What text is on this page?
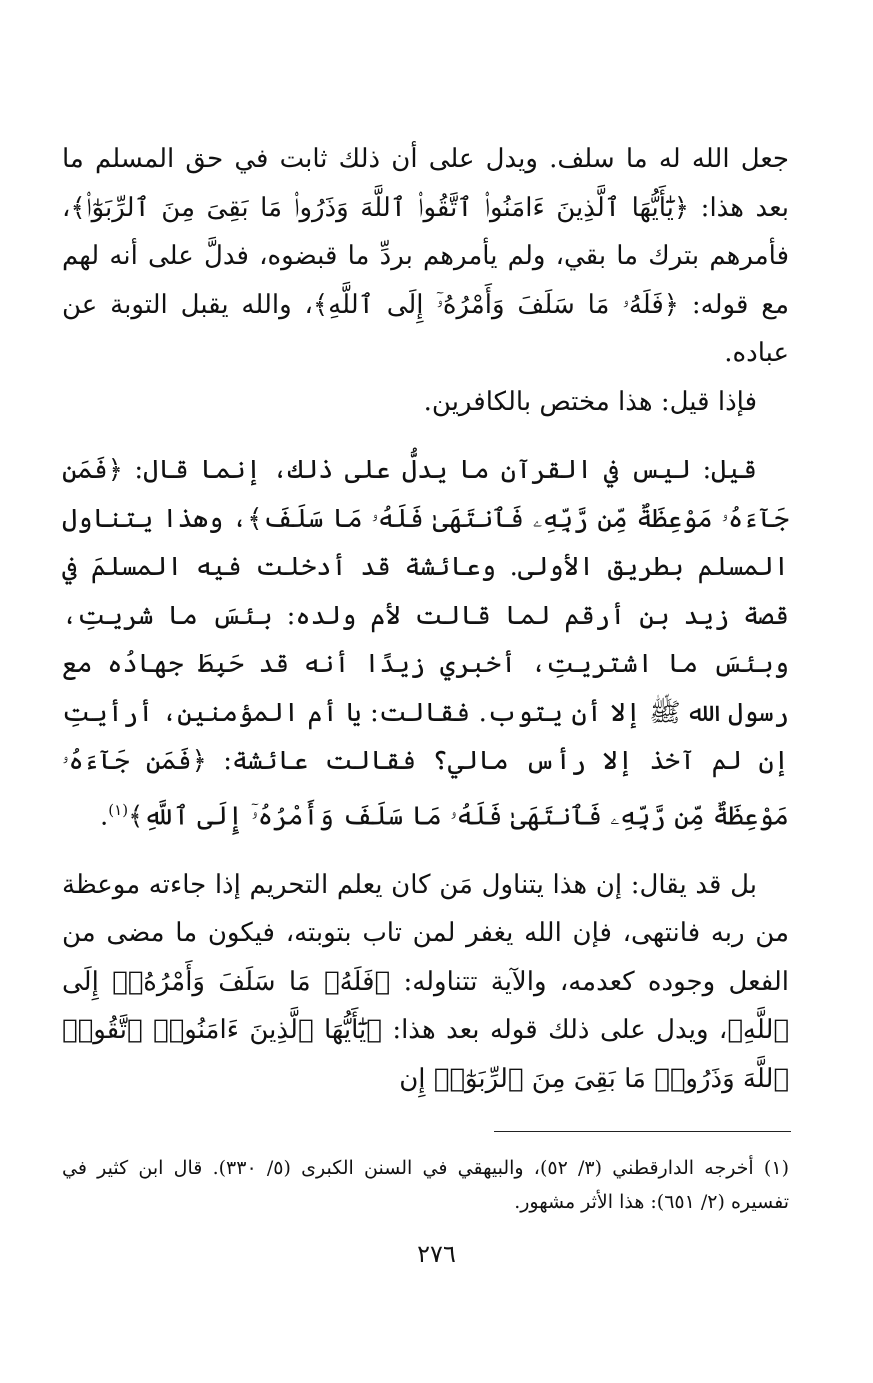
جعل الله له ما سلف. ويدل على أن ذلك ثابت في حق المسلم ما بعد هذا: ﴿يَٰٓأَيُّهَا ٱلَّذِينَ ءَامَنُوا۟ ٱتَّقُوا۟ ٱللَّهَ وَذَرُوا۟ مَا بَقِىَ مِنَ ٱلرِّبَوٰٓا۟﴾، فأمرهم بترك ما بقي، ولم يأمرهم بردِّ ما قبضوه، فدلَّ على أنه لهم مع قوله: ﴿فَلَهُۥ مَا سَلَفَ وَأَمْرُهُۥٓ إِلَى ٱللَّهِ﴾، والله يقبل التوبة عن عباده.

فإذا قيل: هذا مختص بالكافرين.

قيل: ليس في القرآن ما يدلُّ على ذلك، إنما قال: ﴿فَمَن جَآءَهُۥ مَوْعِظَةٌ مِّن رَّبِّهِۦ فَٱنتَهَىٰ فَلَهُۥ مَا سَلَفَ﴾، وهذا يتناول المسلم بطريق الأولى. وعائشة قد أدخلت فيه المسلمَ في قصة زيد بن أرقم لما قالت لأم ولده: بئسَ ما شريتِ، وبئسَ ما اشتريتِ، أخبري زيدًا أنه قد حَبِطَ جهادُه مع رسول الله ﷺ إلا أن يتوب. فقالت: يا أم المؤمنين، أرأيتِ إن لم آخذ إلا رأس مالي؟ فقالت عائشة: ﴿فَمَن جَآءَهُۥ مَوْعِظَةٌ مِّن رَّبِّهِۦ فَٱنتَهَىٰ فَلَهُۥ مَا سَلَفَ وَأَمْرُهُۥٓ إِلَى ٱللَّهِ﴾$^{(١)}$.

بل قد يقال: إن هذا يتناول مَن كان يعلم التحريم إذا جاءته موعظة من ربه فانتهى، فإن الله يغفر لمن تاب بتوبته، فيكون ما مضى من الفعل وجوده كعدمه، والآية تتناوله: ﴿فَلَهُۥ مَا سَلَفَ وَأَمْرُهُۥٓ إِلَى ٱللَّهِ﴾، ويدل على ذلك قوله بعد هذا: ﴿يَٰٓأَيُّهَا ٱلَّذِينَ ءَامَنُوا۟ ٱتَّقُوا۟ ٱللَّهَ وَذَرُوا۟ مَا بَقِىَ مِنَ ٱلرِّبَوٰٓا۟ إِن

(١) أخرجه الدارقطني (٣/ ٥٢)، والبيهقي في السنن الكبرى (٥/ ٣٣٠). قال ابن كثير في تفسيره (٢/ ٦٥١): هذا الأثر مشهور.

٢٧٦
